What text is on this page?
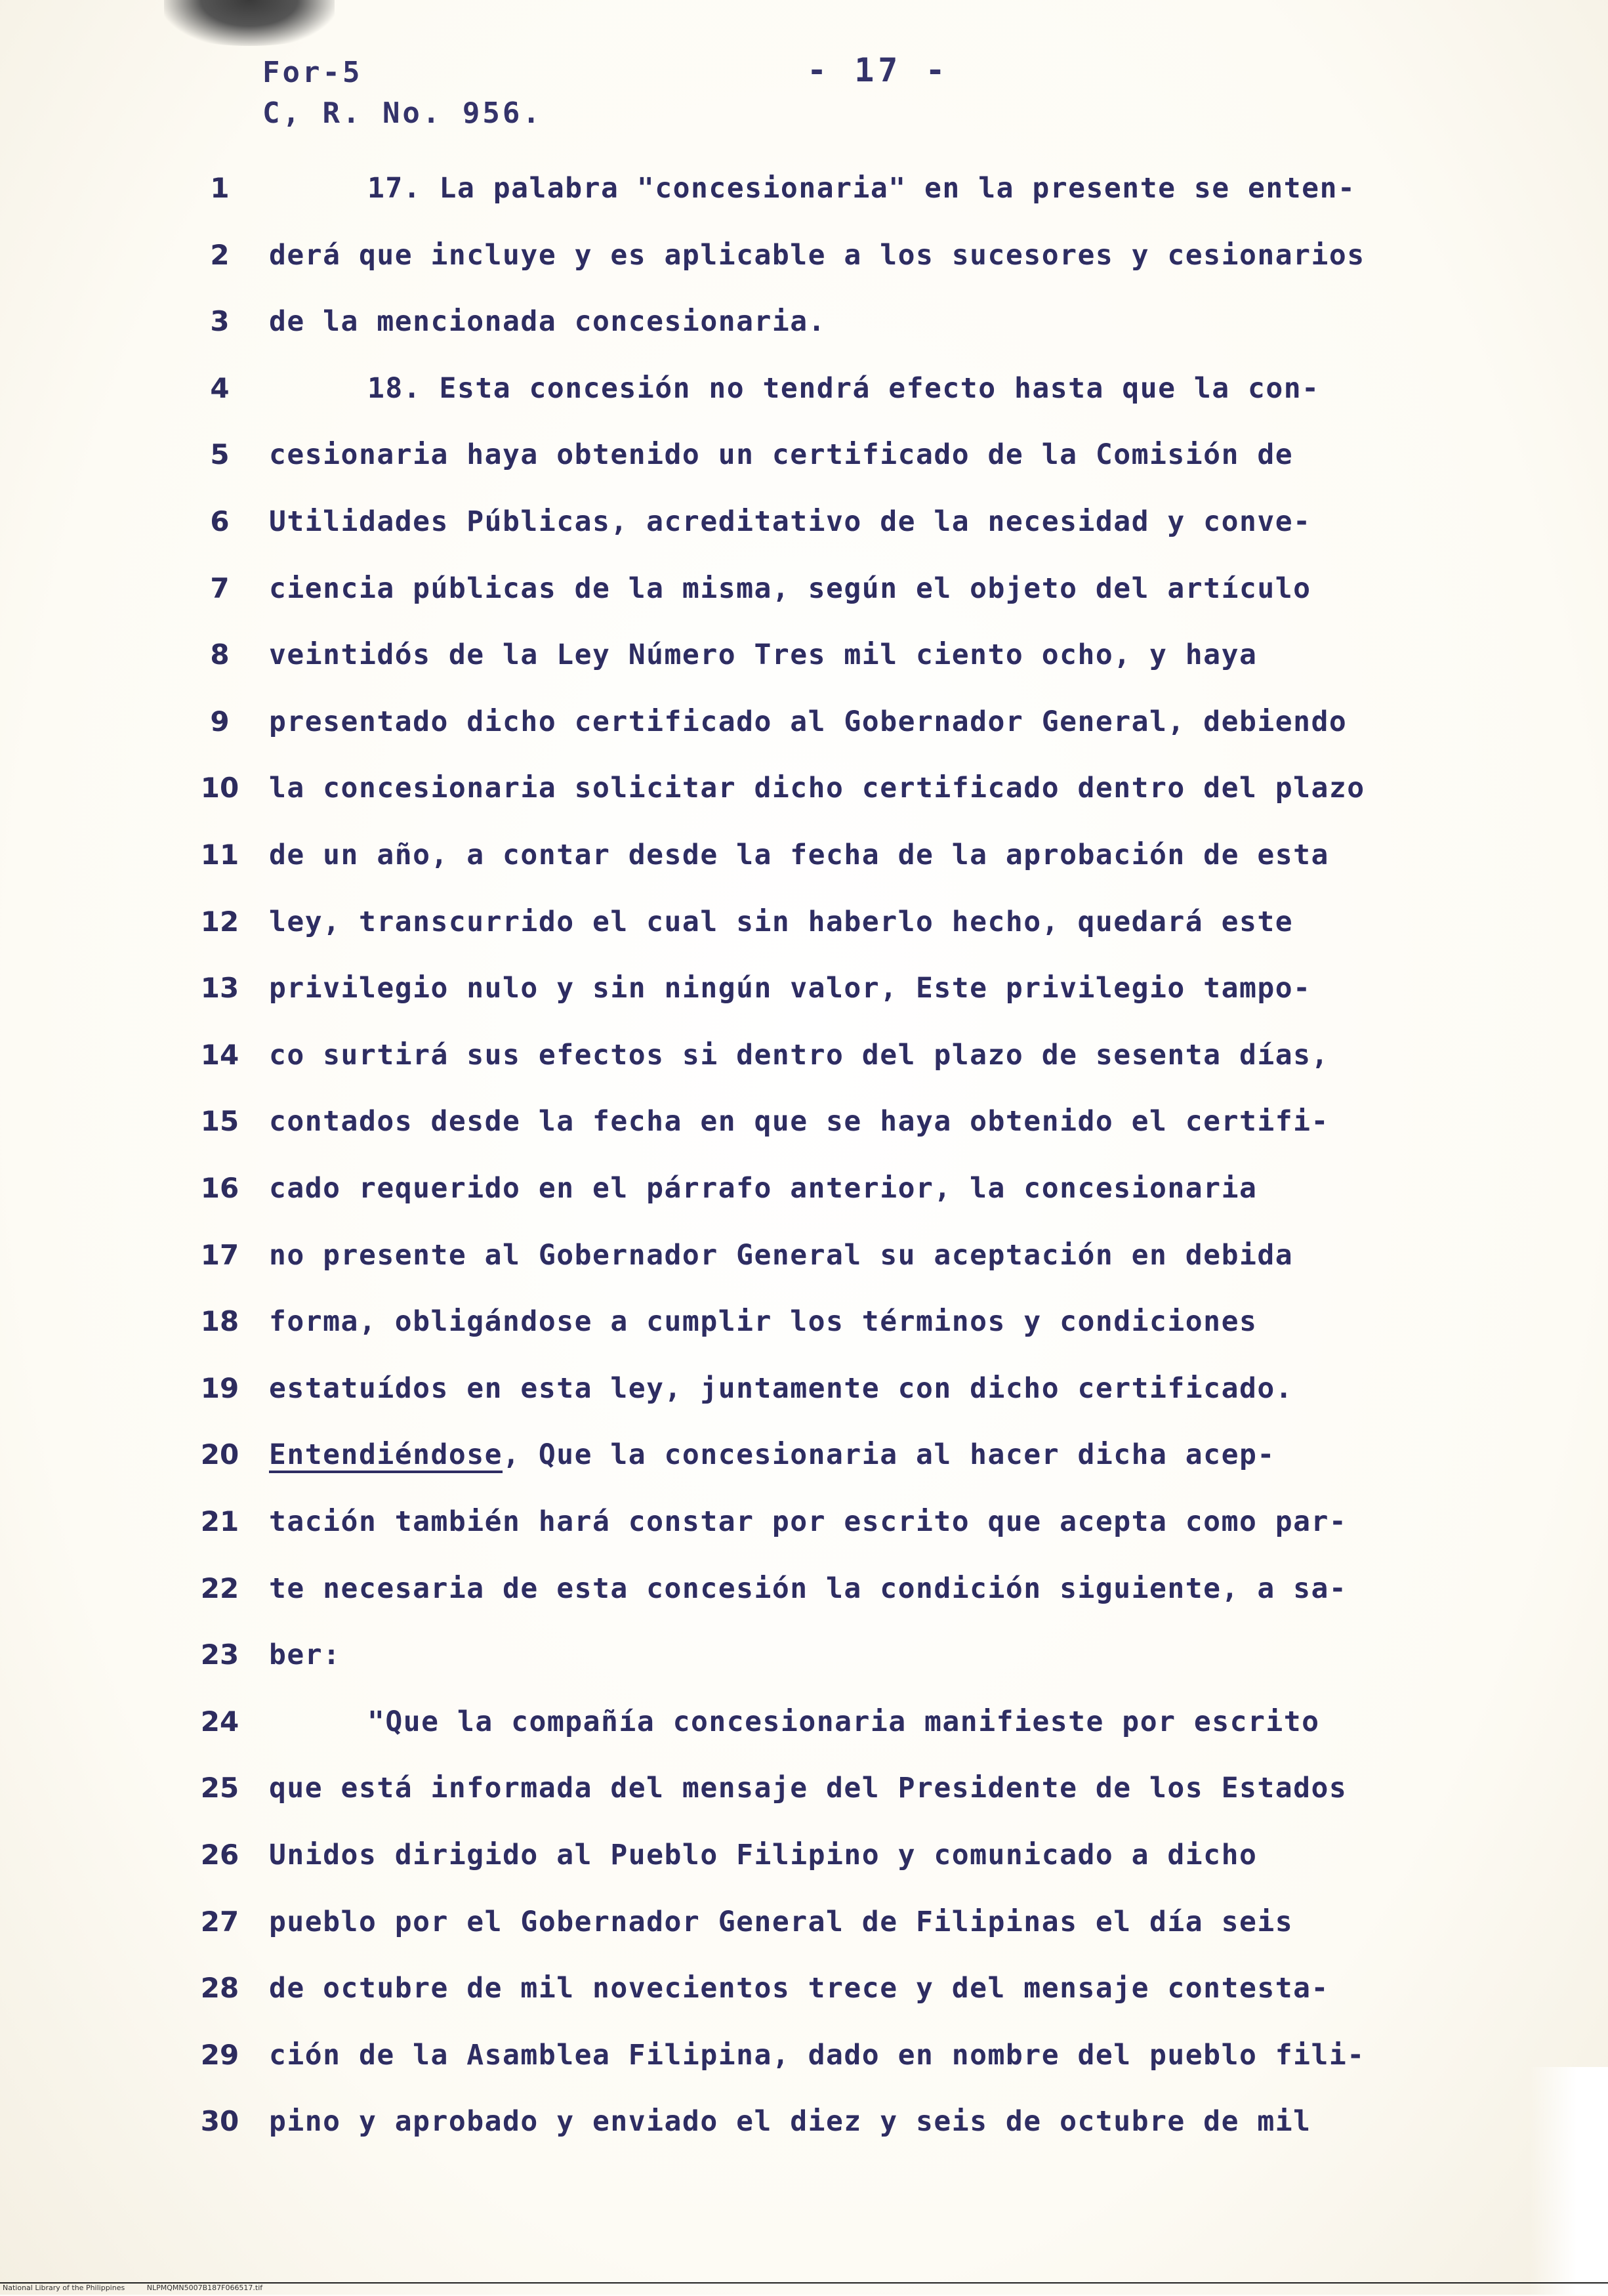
For-5
C, R. No. 956.
- 17 -
1	17. La palabra "concesionaria" en la presente se enten-
2	derá que incluye y es aplicable a los sucesores y cesionarios
3	de la mencionada concesionaria.
4	18. Esta concesión no tendrá efecto hasta que la con-
5	cesionaria haya obtenido un certificado de la Comisión de
6	Utilidades Públicas, acreditativo de la necesidad y conve-
7	ciencia públicas de la misma, según el objeto del artículo
8	veintidós de la Ley Número Tres mil ciento ocho, y haya
9	presentado dicho certificado al Gobernador General, debiendo
10	la concesionaria solicitar dicho certificado dentro del plazo
11	de un año, a contar desde la fecha de la aprobación de esta
12	ley, transcurrido el cual sin haberlo hecho, quedará este
13	privilegio nulo y sin ningún valor, Este privilegio tampo-
14	co surtirá sus efectos si dentro del plazo de sesenta días,
15	contados desde la fecha en que se haya obtenido el certifi-
16	cado requerido en el párrafo anterior, la concesionaria
17	no presente al Gobernador General su aceptación en debida
18	forma, obligándose a cumplir los términos y condiciones
19	estatuídos en esta ley, juntamente con dicho certificado.
20	Entendiéndose, Que la concesionaria al hacer dicha acep-
21	tación también hará constar por escrito que acepta como par-
22	te necesaria de esta concesión la condición siguiente, a sa-
23	ber:
24	"Que la compañía concesionaria manifieste por escrito
25	que está informada del mensaje del Presidente de los Estados
26	Unidos dirigido al Pueblo Filipino y comunicado a dicho
27	pueblo por el Gobernador General de Filipinas el día seis
28	de octubre de mil novecientos trece y del mensaje contesta-
29	ción de la Asamblea Filipina, dado en nombre del pueblo fili-
30	pino y aprobado y enviado el diez y seis de octubre de mil
National Library of the Philippines	NLPMQMN5007B187F066517.tif
